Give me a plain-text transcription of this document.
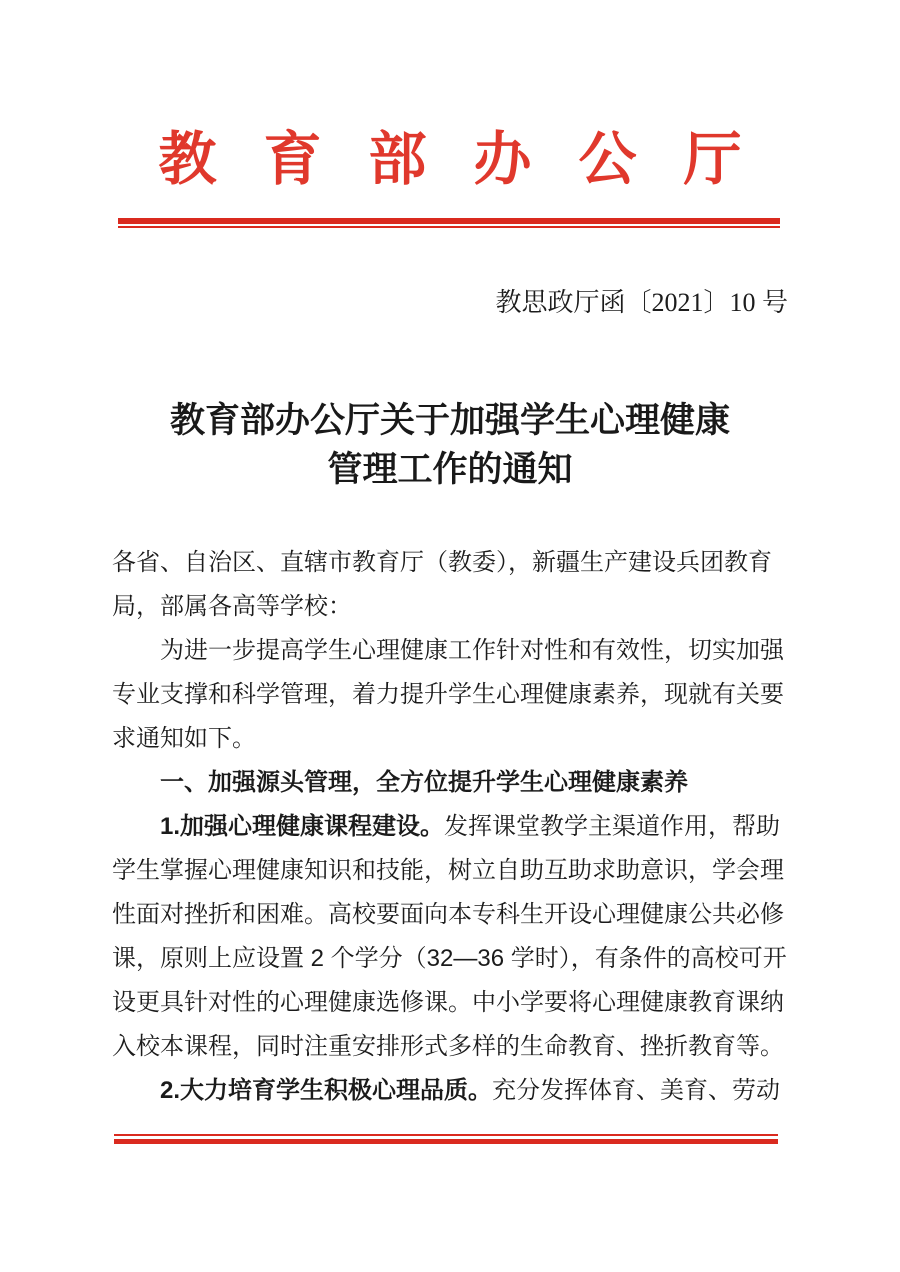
教育部办公厅
教思政厅函〔2021〕10 号
教育部办公厅关于加强学生心理健康
管理工作的通知
各省、自治区、直辖市教育厅（教委），新疆生产建设兵团教育
局，部属各高等学校：
　　为进一步提高学生心理健康工作针对性和有效性，切实加强
专业支撑和科学管理，着力提升学生心理健康素养，现就有关要
求通知如下。
　　一、加强源头管理，全方位提升学生心理健康素养
　　1.加强心理健康课程建设。发挥课堂教学主渠道作用，帮助
学生掌握心理健康知识和技能，树立自助互助求助意识，学会理
性面对挫折和困难。高校要面向本专科生开设心理健康公共必修
课，原则上应设置 2 个学分（32—36 学时），有条件的高校可开
设更具针对性的心理健康选修课。中小学要将心理健康教育课纳
入校本课程，同时注重安排形式多样的生命教育、挫折教育等。
　　2.大力培育学生积极心理品质。充分发挥体育、美育、劳动
